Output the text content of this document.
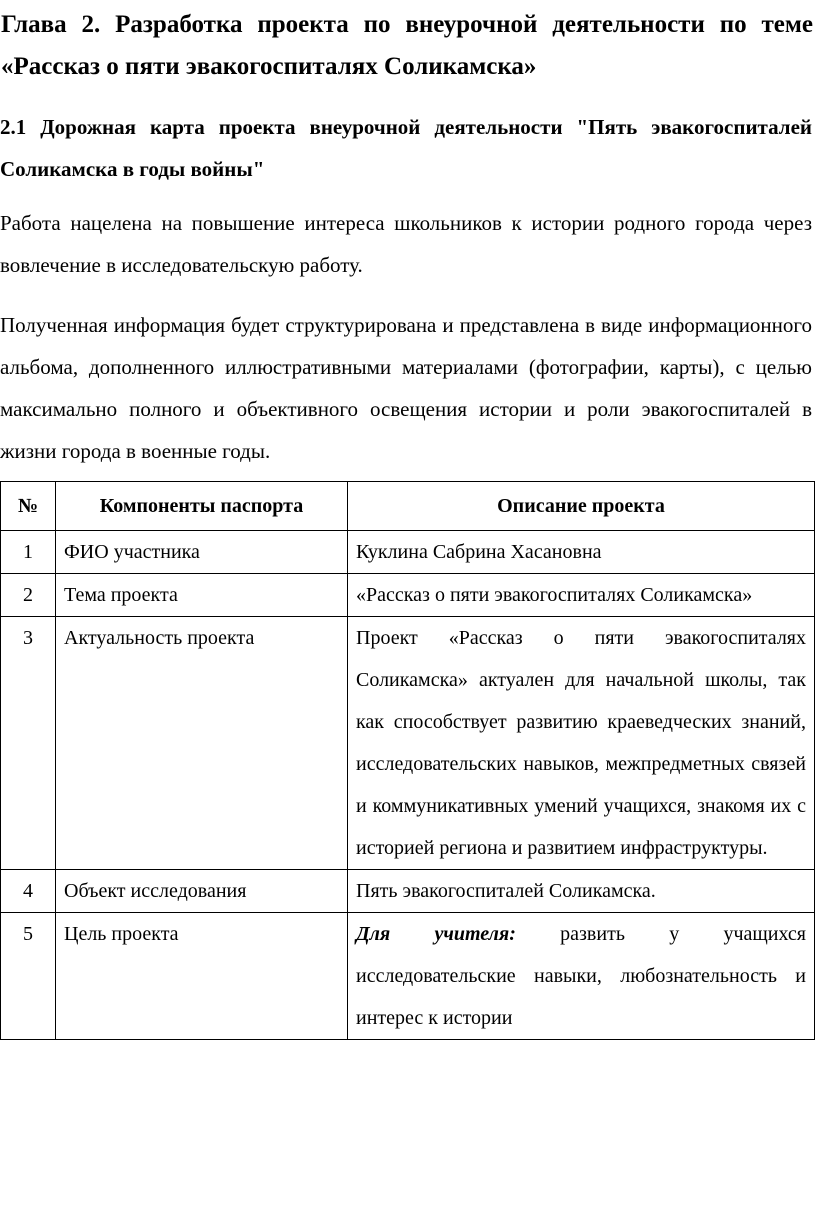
Глава 2. Разработка проекта по внеурочной деятельности по теме «Рассказ о пяти эвакогоспиталях Соликамска»
2.1 Дорожная карта проекта внеурочной деятельности "Пять эвакогоспиталей Соликамска в годы войны"

Работа нацелена на повышение интереса школьников к истории родного города через вовлечение в исследовательскую работу.

Полученная информация будет структурирована и представлена в виде информационного альбома, дополненного иллюстративными материалами (фотографии, карты), с целью максимально полного и объективного освещения истории и роли эвакогоспиталей в жизни города в военные годы.

№	Компоненты паспорта	Описание проекта
1	ФИО участника	Куклина Сабрина Хасановна
2	Тема проекта	«Рассказ о пяти эвакогоспиталях Соликамска»
3	Актуальность проекта	Проект «Рассказ о пяти эвакогоспиталях Соликамска» актуален для начальной школы, так как способствует развитию краеведческих знаний, исследовательских навыков, межпредметных связей и коммуникативных умений учащихся, знакомя их с историей региона и развитием инфраструктуры.
4	Объект исследования	Пять эвакогоспиталей Соликамска.
5	Цель проекта	Для учителя: развить у учащихся исследовательские навыки, любознательность и интерес к истории
